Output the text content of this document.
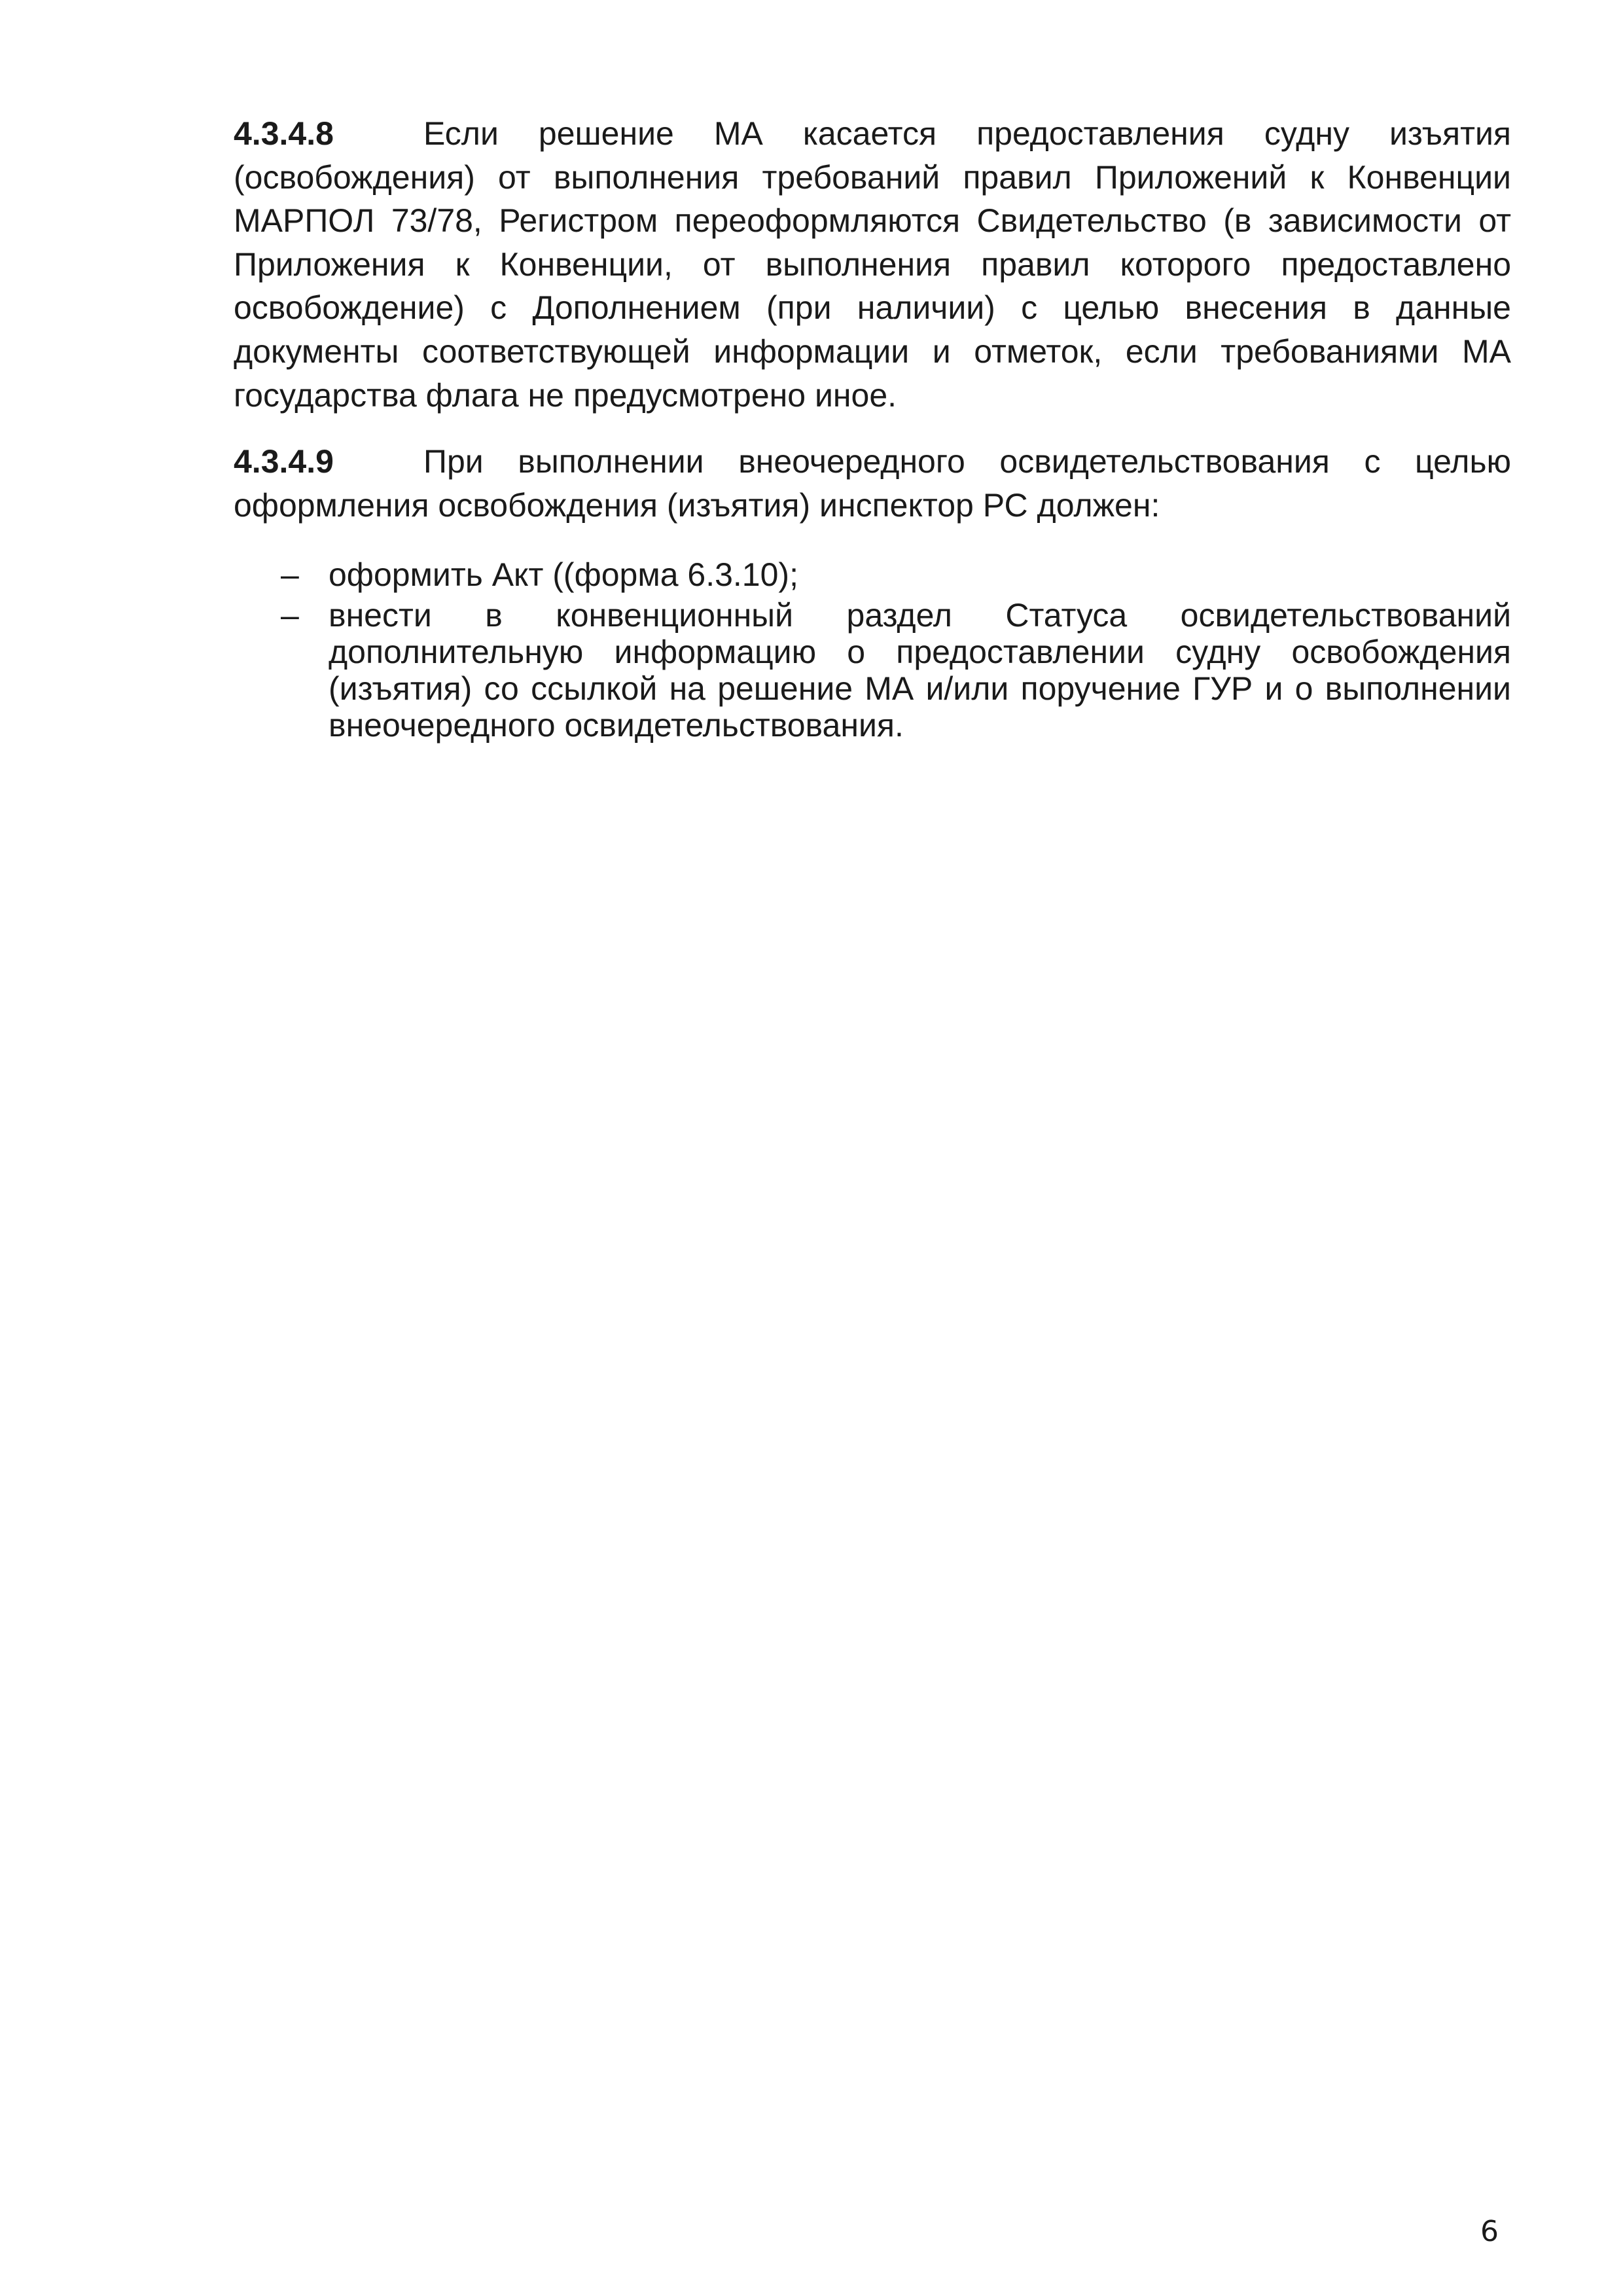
4.3.4.8	Если решение МА касается предоставления судну изъятия (освобождения) от выполнения требований правил Приложений к Конвенции МАРПОЛ 73/78, Регистром переоформляются Свидетельство (в зависимости от Приложения к Конвенции, от выполнения правил которого предоставлено освобождение) с Дополнением (при наличии) с целью внесения в данные документы соответствующей информации и отметок, если требованиями МА государства флага не предусмотрено иное.

4.3.4.9	При выполнении внеочередного освидетельствования с целью оформления освобождения (изъятия) инспектор РС должен:

– оформить Акт ((форма 6.3.10);
– внести в конвенционный раздел Статуса освидетельствований дополнительную информацию о предоставлении судну освобождения (изъятия) со ссылкой на решение МА и/или поручение ГУР и о выполнении внеочередного освидетельствования.
6
